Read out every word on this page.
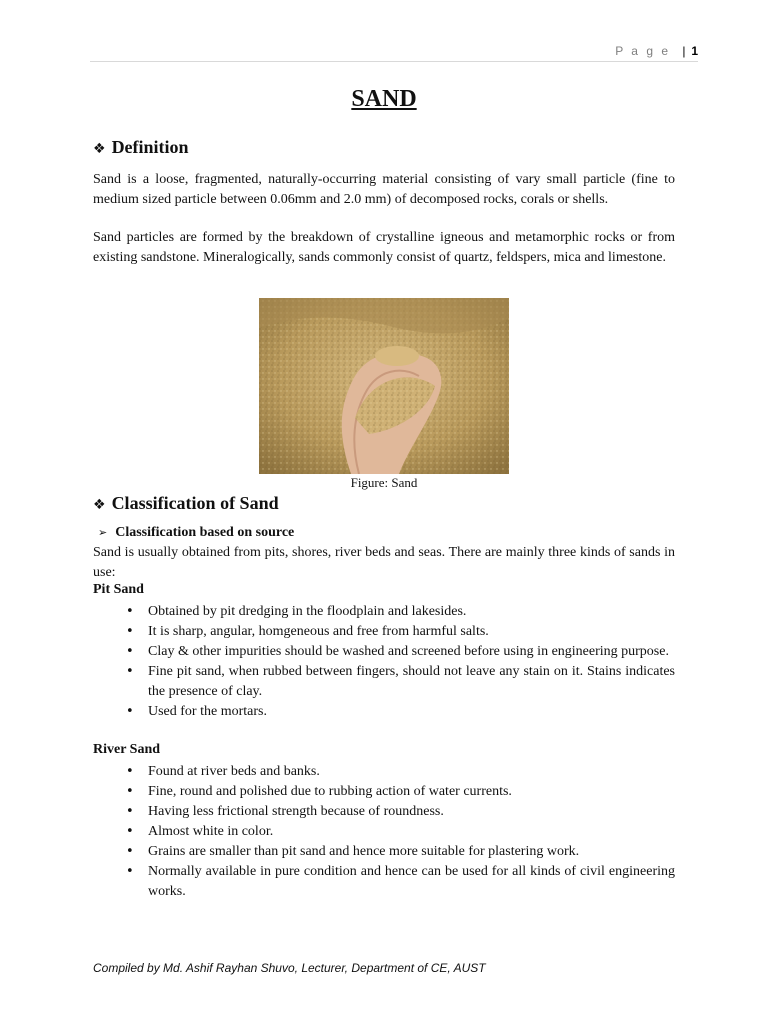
P a g e | 1
SAND
❖ Definition

Sand is a loose, fragmented, naturally-occurring material consisting of vary small particle (fine to medium sized particle between 0.06mm and 2.0 mm) of decomposed rocks, corals or shells.

Sand particles are formed by the breakdown of crystalline igneous and metamorphic rocks or from existing sandstone. Mineralogically, sands commonly consist of quartz, feldspers, mica and limestone.

Figure: Sand
❖ Classification of Sand
➢ Classification based on source

Sand is usually obtained from pits, shores, river beds and seas. There are mainly three kinds of sands in use:

Pit Sand
• Obtained by pit dredging in the floodplain and lakesides.
• It is sharp, angular, homgeneous and free from harmful salts.
• Clay & other impurities should be washed and screened before using in engineering purpose.
• Fine pit sand, when rubbed between fingers, should not leave any stain on it. Stains indicates the presence of clay.
• Used for the mortars.
River Sand
• Found at river beds and banks.
• Fine, round and polished due to rubbing action of water currents.
• Having less frictional strength because of roundness.
• Almost white in color.
• Grains are smaller than pit sand and hence more suitable for plastering work.
• Normally available in pure condition and hence can be used for all kinds of civil engineering works.
Compiled by Md. Ashif Rayhan Shuvo, Lecturer, Department of CE, AUST
